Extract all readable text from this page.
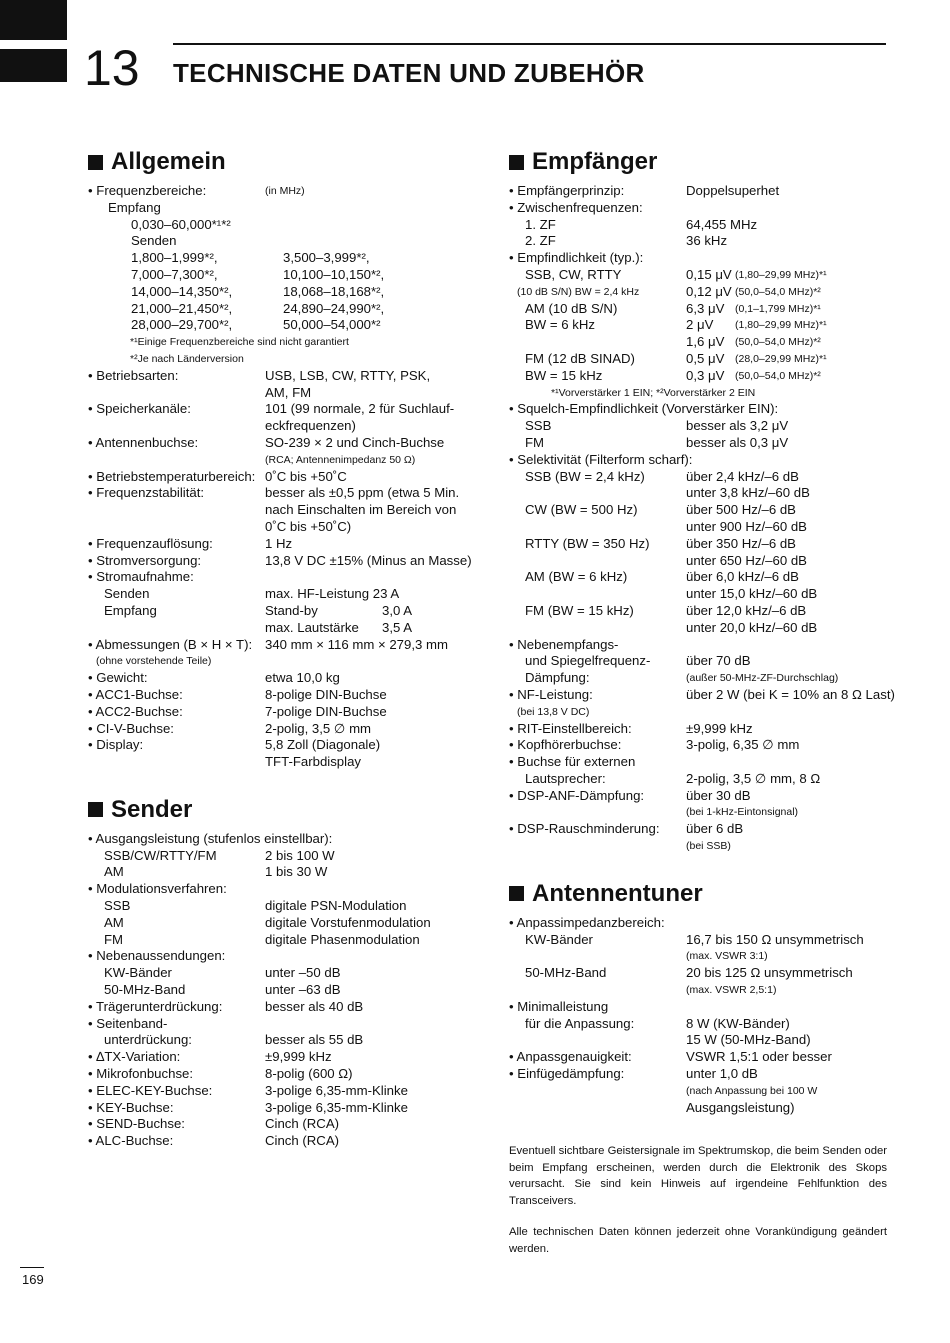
13 TECHNISCHE DATEN UND ZUBEHÖR
Allgemein
• Frequenzbereiche:	(in MHz)
Empfang
0,030–60,000*¹*²
Senden
1,800–1,999*²,	3,500–3,999*²,
7,000–7,300*²,	10,100–10,150*²,
14,000–14,350*²,	18,068–18,168*²,
21,000–21,450*²,	24,890–24,990*²,
28,000–29,700*²,	50,000–54,000*²
*¹Einige Frequenzbereiche sind nicht garantiert
*²Je nach Länderversion
• Betriebsarten:	USB, LSB, CW, RTTY, PSK,
AM, FM
• Speicherkanäle:	101 (99 normale, 2 für Suchlauf-
eckfrequenzen)
• Antennenbuchse:	SO-239 × 2 und Cinch-Buchse
(RCA; Antennenimpedanz 50 Ω)
• Betriebstemperaturbereich: 0˚C bis +50˚C
• Frequenzstabilität:	besser als ±0,5 ppm (etwa 5 Min.
nach Einschalten im Bereich von
0˚C bis +50˚C)
• Frequenzauflösung:	1 Hz
• Stromversorgung:	13,8 V DC ±15% (Minus an Masse)
• Stromaufnahme:
Senden	max. HF-Leistung 23 A
Empfang	Stand-by	3,0 A
max. Lautstärke 3,5 A
• Abmessungen (B × H × T): 340 mm × 116 mm × 279,3 mm
(ohne vorstehende Teile)
• Gewicht:	etwa 10,0 kg
• ACC1-Buchse:	8-polige DIN-Buchse
• ACC2-Buchse:	7-polige DIN-Buchse
• CI-V-Buchse:	2-polig, 3,5 ∅ mm
• Display:	5,8 Zoll (Diagonale)
TFT-Farbdisplay
Sender
• Ausgangsleistung (stufenlos einstellbar):
SSB/CW/RTTY/FM	2 bis 100 W
AM	1 bis 30 W
• Modulationsverfahren:
SSB	digitale PSN-Modulation
AM	digitale Vorstufenmodulation
FM	digitale Phasenmodulation
• Nebenaussendungen:
KW-Bänder	unter –50 dB
50-MHz-Band	unter –63 dB
• Trägerunterdrückung:	besser als 40 dB
• Seitenband-
unterdrückung:	besser als 55 dB
• ∆TX-Variation:	±9,999 kHz
• Mikrofonbuchse:	8-polig (600 Ω)
• ELEC-KEY-Buchse:	3-polige 6,35-mm-Klinke
• KEY-Buchse:	3-polige 6,35-mm-Klinke
• SEND-Buchse:	Cinch (RCA)
• ALC-Buchse:	Cinch (RCA)
Empfänger
• Empfängerprinzip:	Doppelsuperhet
• Zwischenfrequenzen:
1. ZF	64,455 MHz
2. ZF	36 kHz
• Empfindlichkeit (typ.):
SSB, CW, RTTY	0,15 μV (1,80–29,99 MHz)*¹
(10 dB S/N) BW = 2,4 kHz	0,12 μV (50,0–54,0 MHz)*²
AM (10 dB S/N)	6,3 μV (0,1–1,799 MHz)*¹
BW = 6 kHz	2 μV (1,80–29,99 MHz)*¹
1,6 μV (50,0–54,0 MHz)*²
FM (12 dB SINAD)	0,5 μV (28,0–29,99 MHz)*¹
BW = 15 kHz	0,3 μV (50,0–54,0 MHz)*²
*¹Vorverstärker 1 EIN; *²Vorverstärker 2 EIN
• Squelch-Empfindlichkeit (Vorverstärker EIN):
SSB	besser als 3,2 μV
FM	besser als 0,3 μV
• Selektivität (Filterform scharf):
SSB (BW = 2,4 kHz)	über 2,4 kHz/–6 dB
unter 3,8 kHz/–60 dB
CW (BW = 500 Hz)	über 500 Hz/–6 dB
unter 900 Hz/–60 dB
RTTY (BW = 350 Hz)	über 350 Hz/–6 dB
unter 650 Hz/–60 dB
AM (BW = 6 kHz)	über 6,0 kHz/–6 dB
unter 15,0 kHz/–60 dB
FM (BW = 15 kHz)	über 12,0 kHz/–6 dB
unter 20,0 kHz/–60 dB
• Nebenempfangs-
und Spiegelfrequenz-	über 70 dB
Dämpfung:	(außer 50-MHz-ZF-Durchschlag)
• NF-Leistung:	über 2 W (bei K = 10% an 8 Ω Last)
(bei 13,8 V DC)
• RIT-Einstellbereich:	±9,999 kHz
• Kopfhörerbuchse:	3-polig, 6,35 ∅ mm
• Buchse für externen
Lautsprecher:	2-polig, 3,5 ∅ mm, 8 Ω
• DSP-ANF-Dämpfung:	über 30 dB
(bei 1-kHz-Eintonsignal)
• DSP-Rauschminderung: über 6 dB
(bei SSB)
Antennentuner
• Anpassimpedanzbereich:
KW-Bänder	16,7 bis 150 Ω unsymmetrisch
(max. VSWR 3:1)
50-MHz-Band	20 bis 125 Ω unsymmetrisch
(max. VSWR 2,5:1)
• Minimalleistung
für die Anpassung:	8 W (KW-Bänder)
15 W (50-MHz-Band)
• Anpassgenauigkeit:	VSWR 1,5:1 oder besser
• Einfügedämpfung:	unter 1,0 dB
(nach Anpassung bei 100 W
Ausgangsleistung)
Eventuell sichtbare Geistersignale im Spektrumskop, die beim Senden oder beim Empfang erscheinen, werden durch die Elektronik des Skops verursacht. Sie sind kein Hinweis auf irgendeine Fehlfunktion des Transceivers.
Alle technischen Daten können jederzeit ohne Vorankündigung geändert werden.
169
